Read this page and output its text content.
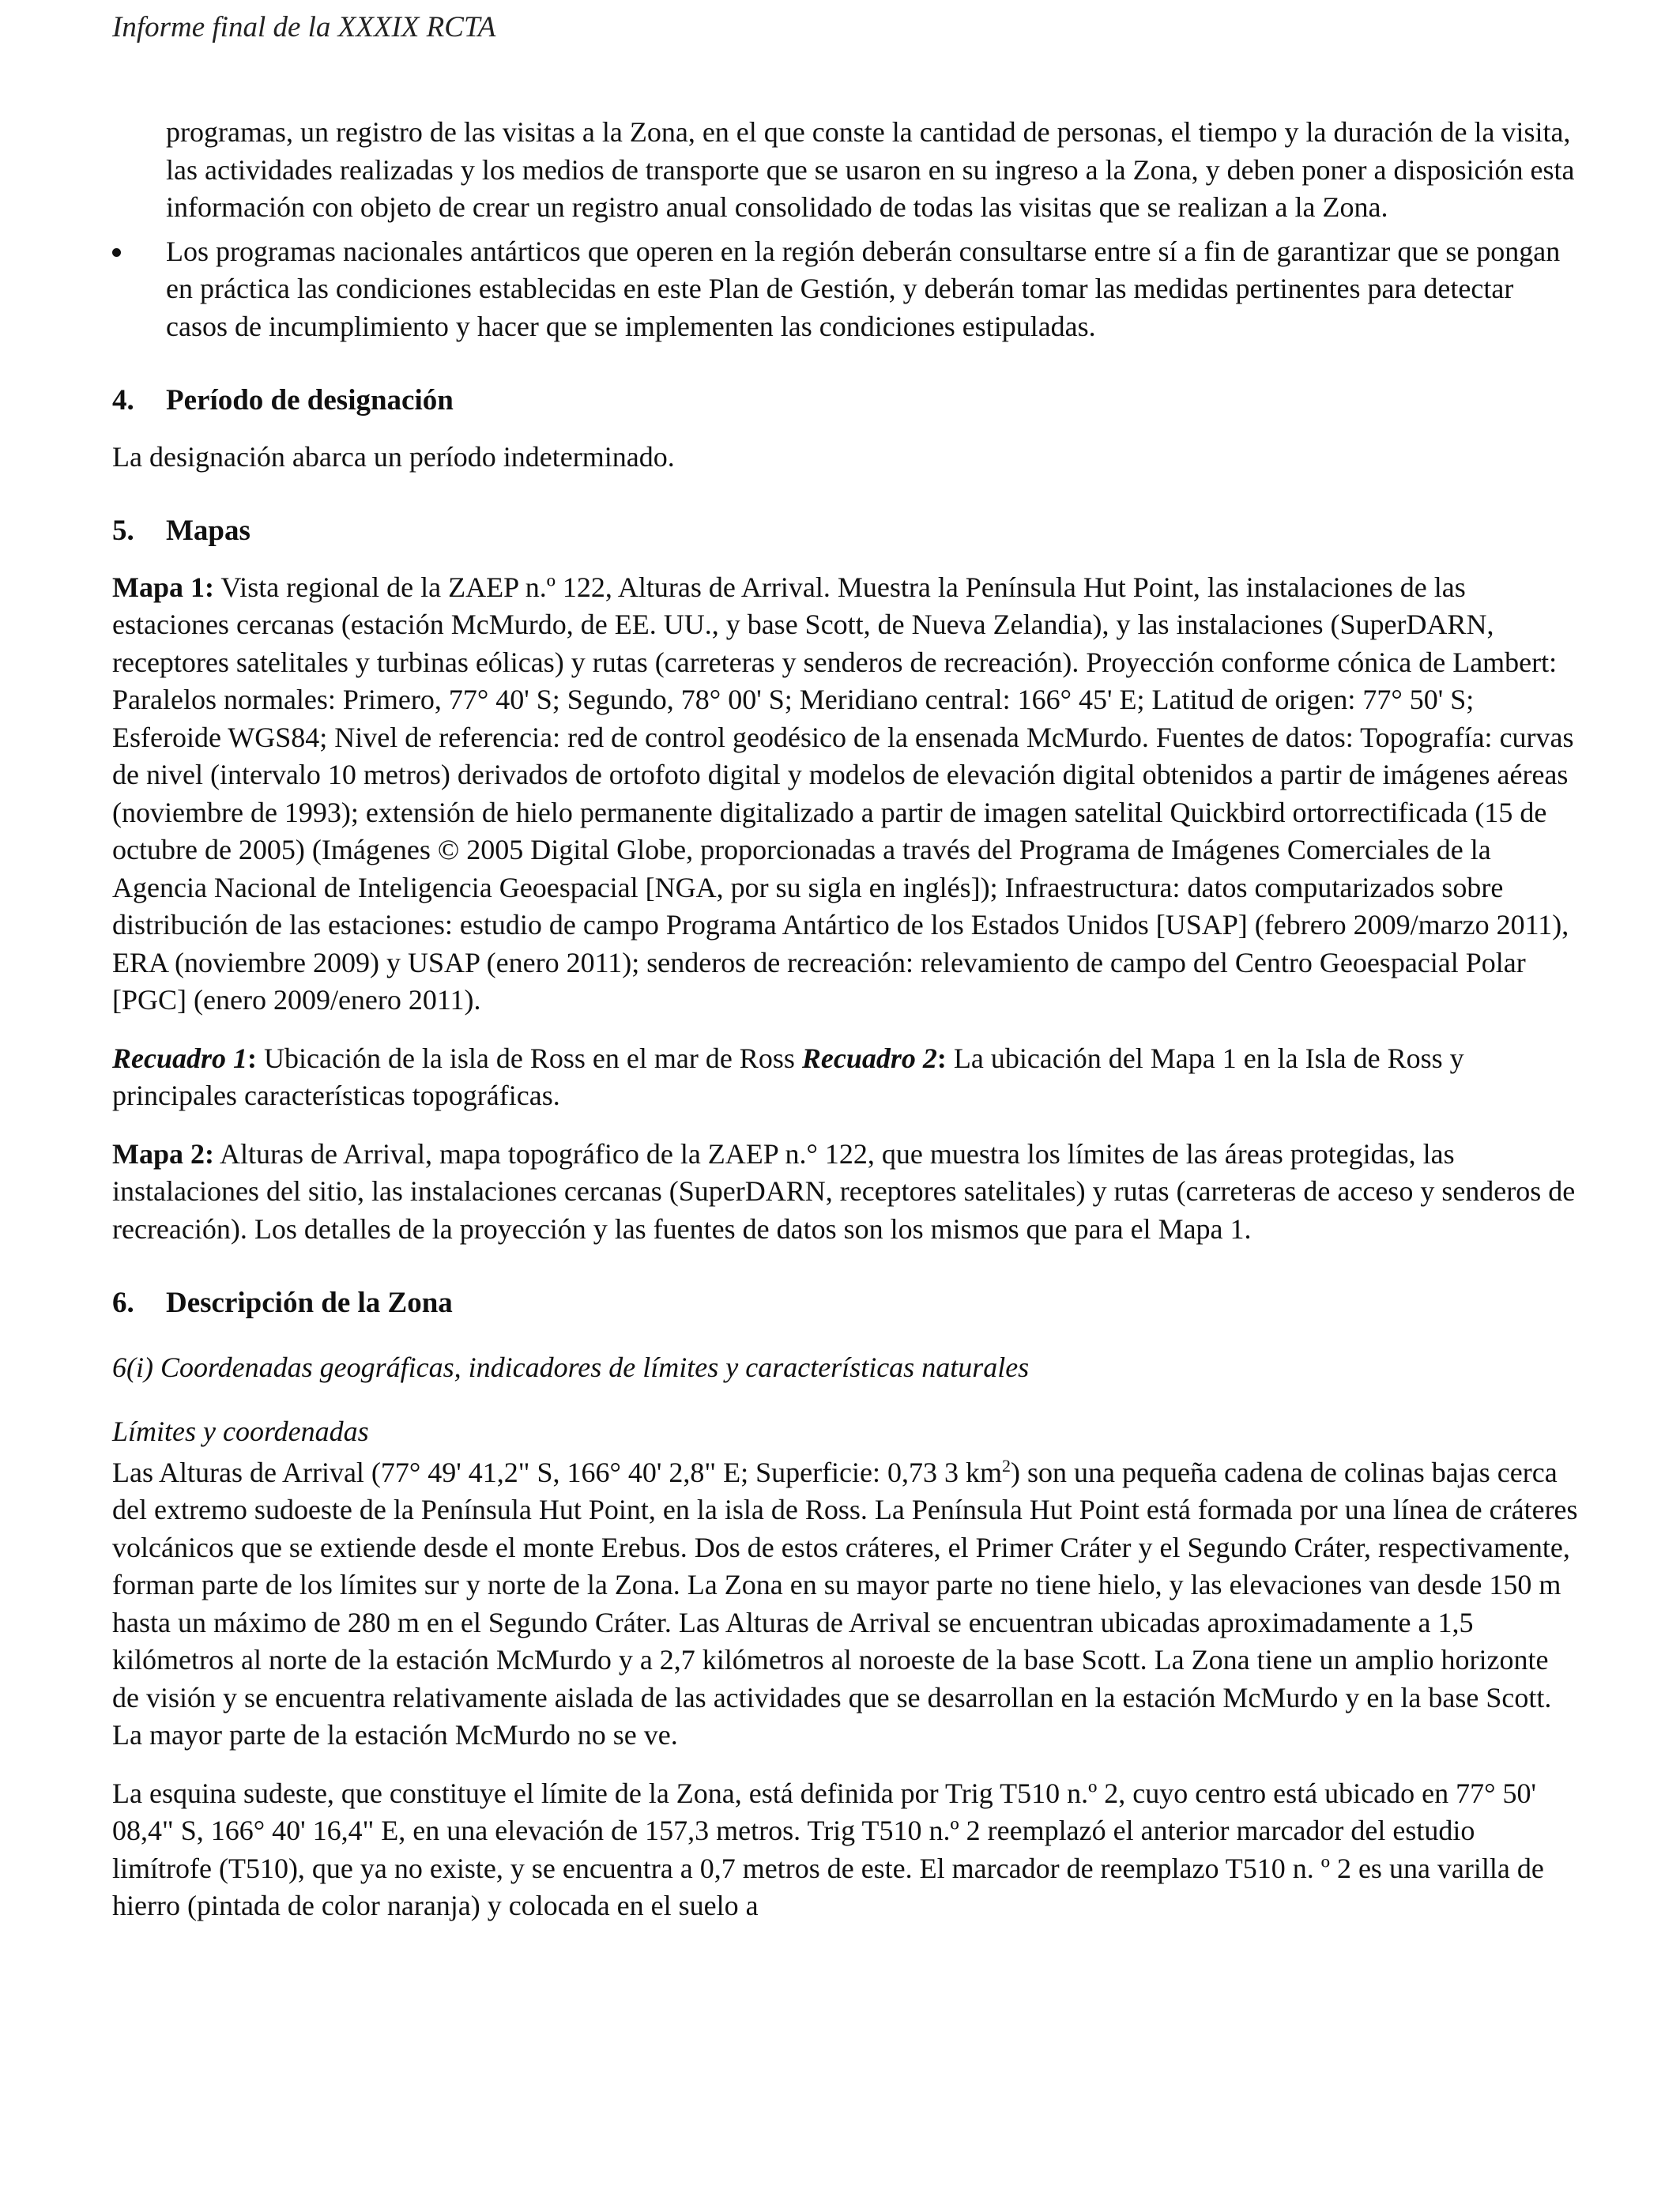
Informe final de la XXXIX RCTA

programas, un registro de las visitas a la Zona, en el que conste la cantidad de personas, el tiempo y la duración de la visita, las actividades realizadas y los medios de transporte que se usaron en su ingreso a la Zona, y deben poner a disposición esta información con objeto de crear un registro anual consolidado de todas las visitas que se realizan a la Zona.

Los programas nacionales antárticos que operen en la región deberán consultarse entre sí a fin de garantizar que se pongan en práctica las condiciones establecidas en este Plan de Gestión, y deberán tomar las medidas pertinentes para detectar casos de incumplimiento y hacer que se implementen las condiciones estipuladas.

4. Período de designación

La designación abarca un período indeterminado.

5. Mapas

Mapa 1: Vista regional de la ZAEP n.º 122, Alturas de Arrival. Muestra la Península Hut Point, las instalaciones de las estaciones cercanas (estación McMurdo, de EE. UU., y base Scott, de Nueva Zelandia), y las instalaciones (SuperDARN, receptores satelitales y turbinas eólicas) y rutas (carreteras y senderos de recreación). Proyección conforme cónica de Lambert: Paralelos normales: Primero, 77° 40' S; Segundo, 78° 00' S; Meridiano central: 166° 45' E; Latitud de origen: 77° 50' S; Esferoide WGS84; Nivel de referencia: red de control geodésico de la ensenada McMurdo. Fuentes de datos: Topografía: curvas de nivel (intervalo 10 metros) derivados de ortofoto digital y modelos de elevación digital obtenidos a partir de imágenes aéreas (noviembre de 1993); extensión de hielo permanente digitalizado a partir de imagen satelital Quickbird ortorrectificada (15 de octubre de 2005) (Imágenes © 2005 Digital Globe, proporcionadas a través del Programa de Imágenes Comerciales de la Agencia Nacional de Inteligencia Geoespacial [NGA, por su sigla en inglés]); Infraestructura: datos computarizados sobre distribución de las estaciones: estudio de campo Programa Antártico de los Estados Unidos [USAP] (febrero 2009/marzo 2011), ERA (noviembre 2009) y USAP (enero 2011); senderos de recreación: relevamiento de campo del Centro Geoespacial Polar [PGC] (enero 2009/enero 2011).

Recuadro 1: Ubicación de la isla de Ross en el mar de Ross Recuadro 2: La ubicación del Mapa 1 en la Isla de Ross y principales características topográficas.

Mapa 2: Alturas de Arrival, mapa topográfico de la ZAEP n.° 122, que muestra los límites de las áreas protegidas, las instalaciones del sitio, las instalaciones cercanas (SuperDARN, receptores satelitales) y rutas (carreteras de acceso y senderos de recreación). Los detalles de la proyección y las fuentes de datos son los mismos que para el Mapa 1.

6. Descripción de la Zona

6(i) Coordenadas geográficas, indicadores de límites y características naturales

Límites y coordenadas

Las Alturas de Arrival (77° 49' 41,2" S, 166° 40' 2,8" E; Superficie: 0,73 3 $km^2$) son una pequeña cadena de colinas bajas cerca del extremo sudoeste de la Península Hut Point, en la isla de Ross. La Península Hut Point está formada por una línea de cráteres volcánicos que se extiende desde el monte Erebus. Dos de estos cráteres, el Primer Cráter y el Segundo Cráter, respectivamente, forman parte de los límites sur y norte de la Zona. La Zona en su mayor parte no tiene hielo, y las elevaciones van desde 150 m hasta un máximo de 280 m en el Segundo Cráter. Las Alturas de Arrival se encuentran ubicadas aproximadamente a 1,5 kilómetros al norte de la estación McMurdo y a 2,7 kilómetros al noroeste de la base Scott. La Zona tiene un amplio horizonte de visión y se encuentra relativamente aislada de las actividades que se desarrollan en la estación McMurdo y en la base Scott. La mayor parte de la estación McMurdo no se ve.

La esquina sudeste, que constituye el límite de la Zona, está definida por Trig T510 n.º 2, cuyo centro está ubicado en 77° 50' 08,4" S, 166° 40' 16,4" E, en una elevación de 157,3 metros. Trig T510 n.º 2 reemplazó el anterior marcador del estudio limítrofe (T510), que ya no existe, y se encuentra a 0,7 metros de este. El marcador de reemplazo T510 n. º 2 es una varilla de hierro (pintada de color naranja) y colocada en el suelo a
